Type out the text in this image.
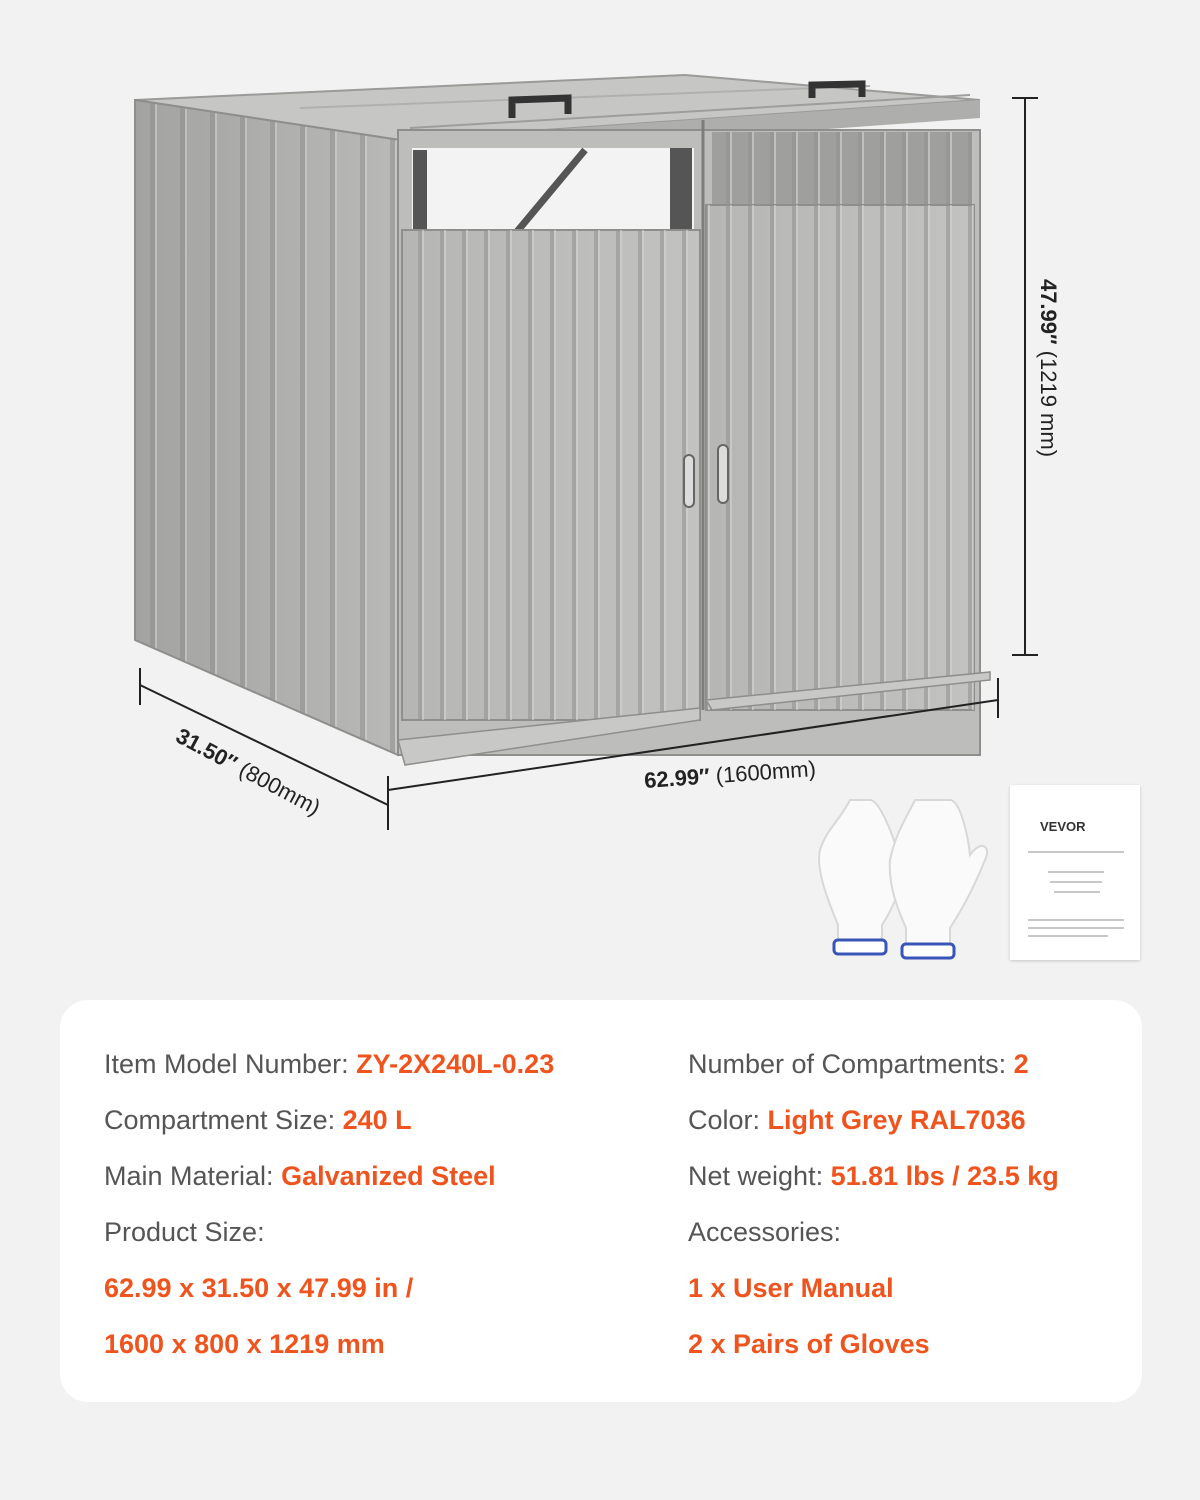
47.99″ (1219 mm)
62.99″ (1600mm)
31.50″ (800mm)
VEVOR
Item Model Number: ZY-2X240L-0.23
Compartment Size: 240 L
Main Material: Galvanized Steel
Product Size:
62.99 x 31.50 x 47.99 in /
1600 x 800 x 1219 mm
Number of Compartments: 2
Color: Light Grey RAL7036
Net weight: 51.81 lbs / 23.5 kg
Accessories:
1 x User Manual
2 x Pairs of Gloves
